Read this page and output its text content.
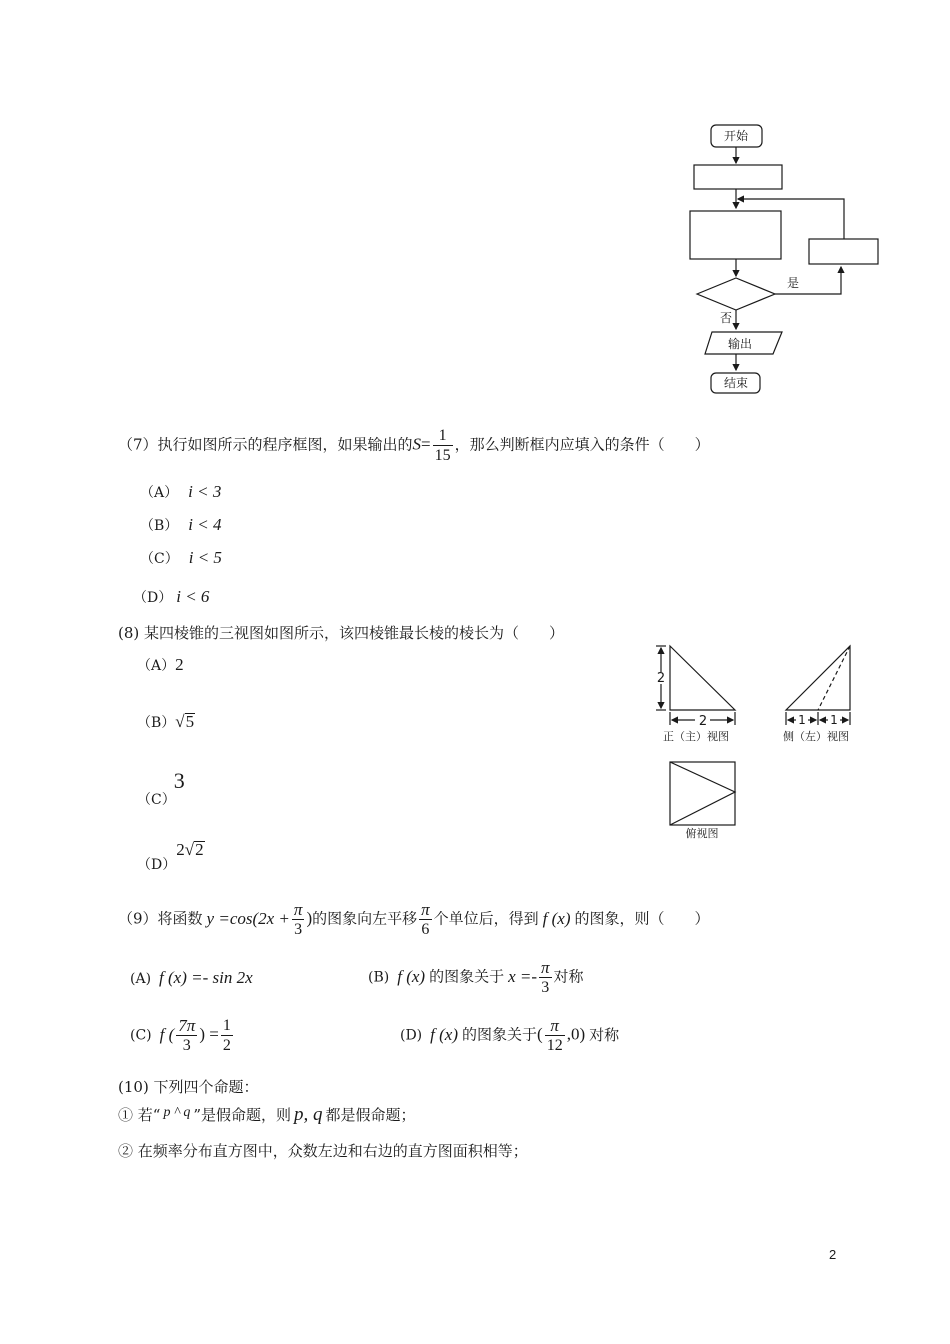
开始
是
否
输出
结束
（7）执行如图所示的程序框图，如果输出的$S= \frac{1}{15}$ ，那么判断框内应填入的条件（　　）
（A） i < 3
（B） i < 4
（C） i < 5
（D） i < 6
(8) 某四棱锥的三视图如图所示，该四棱锥最长棱的棱长为（　　）
（A）2
（B）√5
（C）3
（D）2√2
2
2	1 1
正（主）视图	侧（左）视图
俯视图
（9）将函数 $y =\cos(2x + \frac{\pi}{3}$ )的图象向左平移 $\frac{\pi}{6}$ 个单位后，得到 f (x) 的图象，则（　　）
(A) f (x) =- sin 2x	(B) f (x) 的图象关于 $x =- \frac{\pi}{3}$ 对称
(C) f ( $\frac{7\pi}{3}$ ) = $\frac{1}{2}$	(D) f (x) 的图象关于( $\frac{\pi}{12} ,0$) 对称
(10) 下列四个命题：
① 若“ p ^ q ”是假命题，则 p, q 都是假命题；
② 在频率分布直方图中，众数左边和右边的直方图面积相等；
2
